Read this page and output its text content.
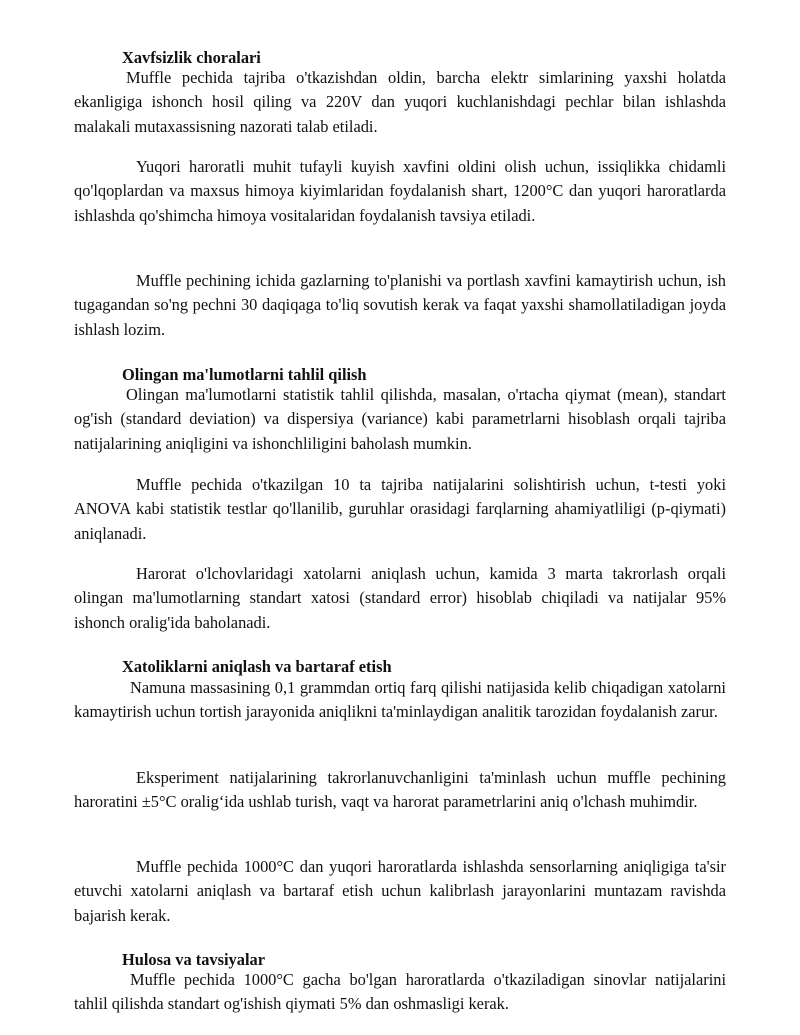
Xavfsizlik choralari
Muffle pechida tajriba o'tkazishdan oldin, barcha elektr simlarining yaxshi holatda ekanligiga ishonch hosil qiling va 220V dan yuqori kuchlanishdagi pechlar bilan ishlashda malakali mutaxassisning nazorati talab etiladi.
Yuqori haroratli muhit tufayli kuyish xavfini oldini olish uchun, issiqlikka chidamli qo'lqoplardan va maxsus himoya kiyimlaridan foydalanish shart, 1200°C dan yuqori haroratlarda ishlashda qo'shimcha himoya vositalaridan foydalanish tavsiya etiladi.
Muffle pechining ichida gazlarning to'planishi va portlash xavfini kamaytirish uchun, ish tugagandan so'ng pechni 30 daqiqaga to'liq sovutish kerak va faqat yaxshi shamollatiladigan joyda ishlash lozim.
Olingan ma'lumotlarni tahlil qilish
Olingan ma'lumotlarni statistik tahlil qilishda, masalan, o'rtacha qiymat (mean), standart og'ish (standard deviation) va dispersiya (variance) kabi parametrlarni hisoblash orqali tajriba natijalarining aniqligini va ishonchliligini baholash mumkin.
Muffle pechida o'tkazilgan 10 ta tajriba natijalarini solishtirish uchun, t-testi yoki ANOVA kabi statistik testlar qo'llanilib, guruhlar orasidagi farqlarning ahamiyatliligi (p-qiymati) aniqlanadi.
Harorat o'lchovlaridagi xatolarni aniqlash uchun, kamida 3 marta takrorlash orqali olingan ma'lumotlarning standart xatosi (standard error) hisoblab chiqiladi va natijalar 95% ishonch oralig'ida baholanadi.
Xatoliklarni aniqlash va bartaraf etish
Namuna massasining 0,1 grammdan ortiq farq qilishi natijasida kelib chiqadigan xatolarni kamaytirish uchun tortish jarayonida aniqlikni ta'minlaydigan analitik tarozidan foydalanish zarur.
Eksperiment natijalarining takrorlanuvchanligini ta'minlash uchun muffle pechining haroratini ±5°C oralig‘ida ushlab turish, vaqt va harorat parametrlarini aniq o'lchash muhimdir.
Muffle pechida 1000°C dan yuqori haroratlarda ishlashda sensorlarning aniqligiga ta'sir etuvchi xatolarni aniqlash va bartaraf etish uchun kalibrlash jarayonlarini muntazam ravishda bajarish kerak.
Hulosa va tavsiyalar
Muffle pechida 1000°C gacha bo'lgan haroratlarda o'tkaziladigan sinovlar natijalarini tahlil qilishda standart og'ishish qiymati 5% dan oshmasligi kerak.
